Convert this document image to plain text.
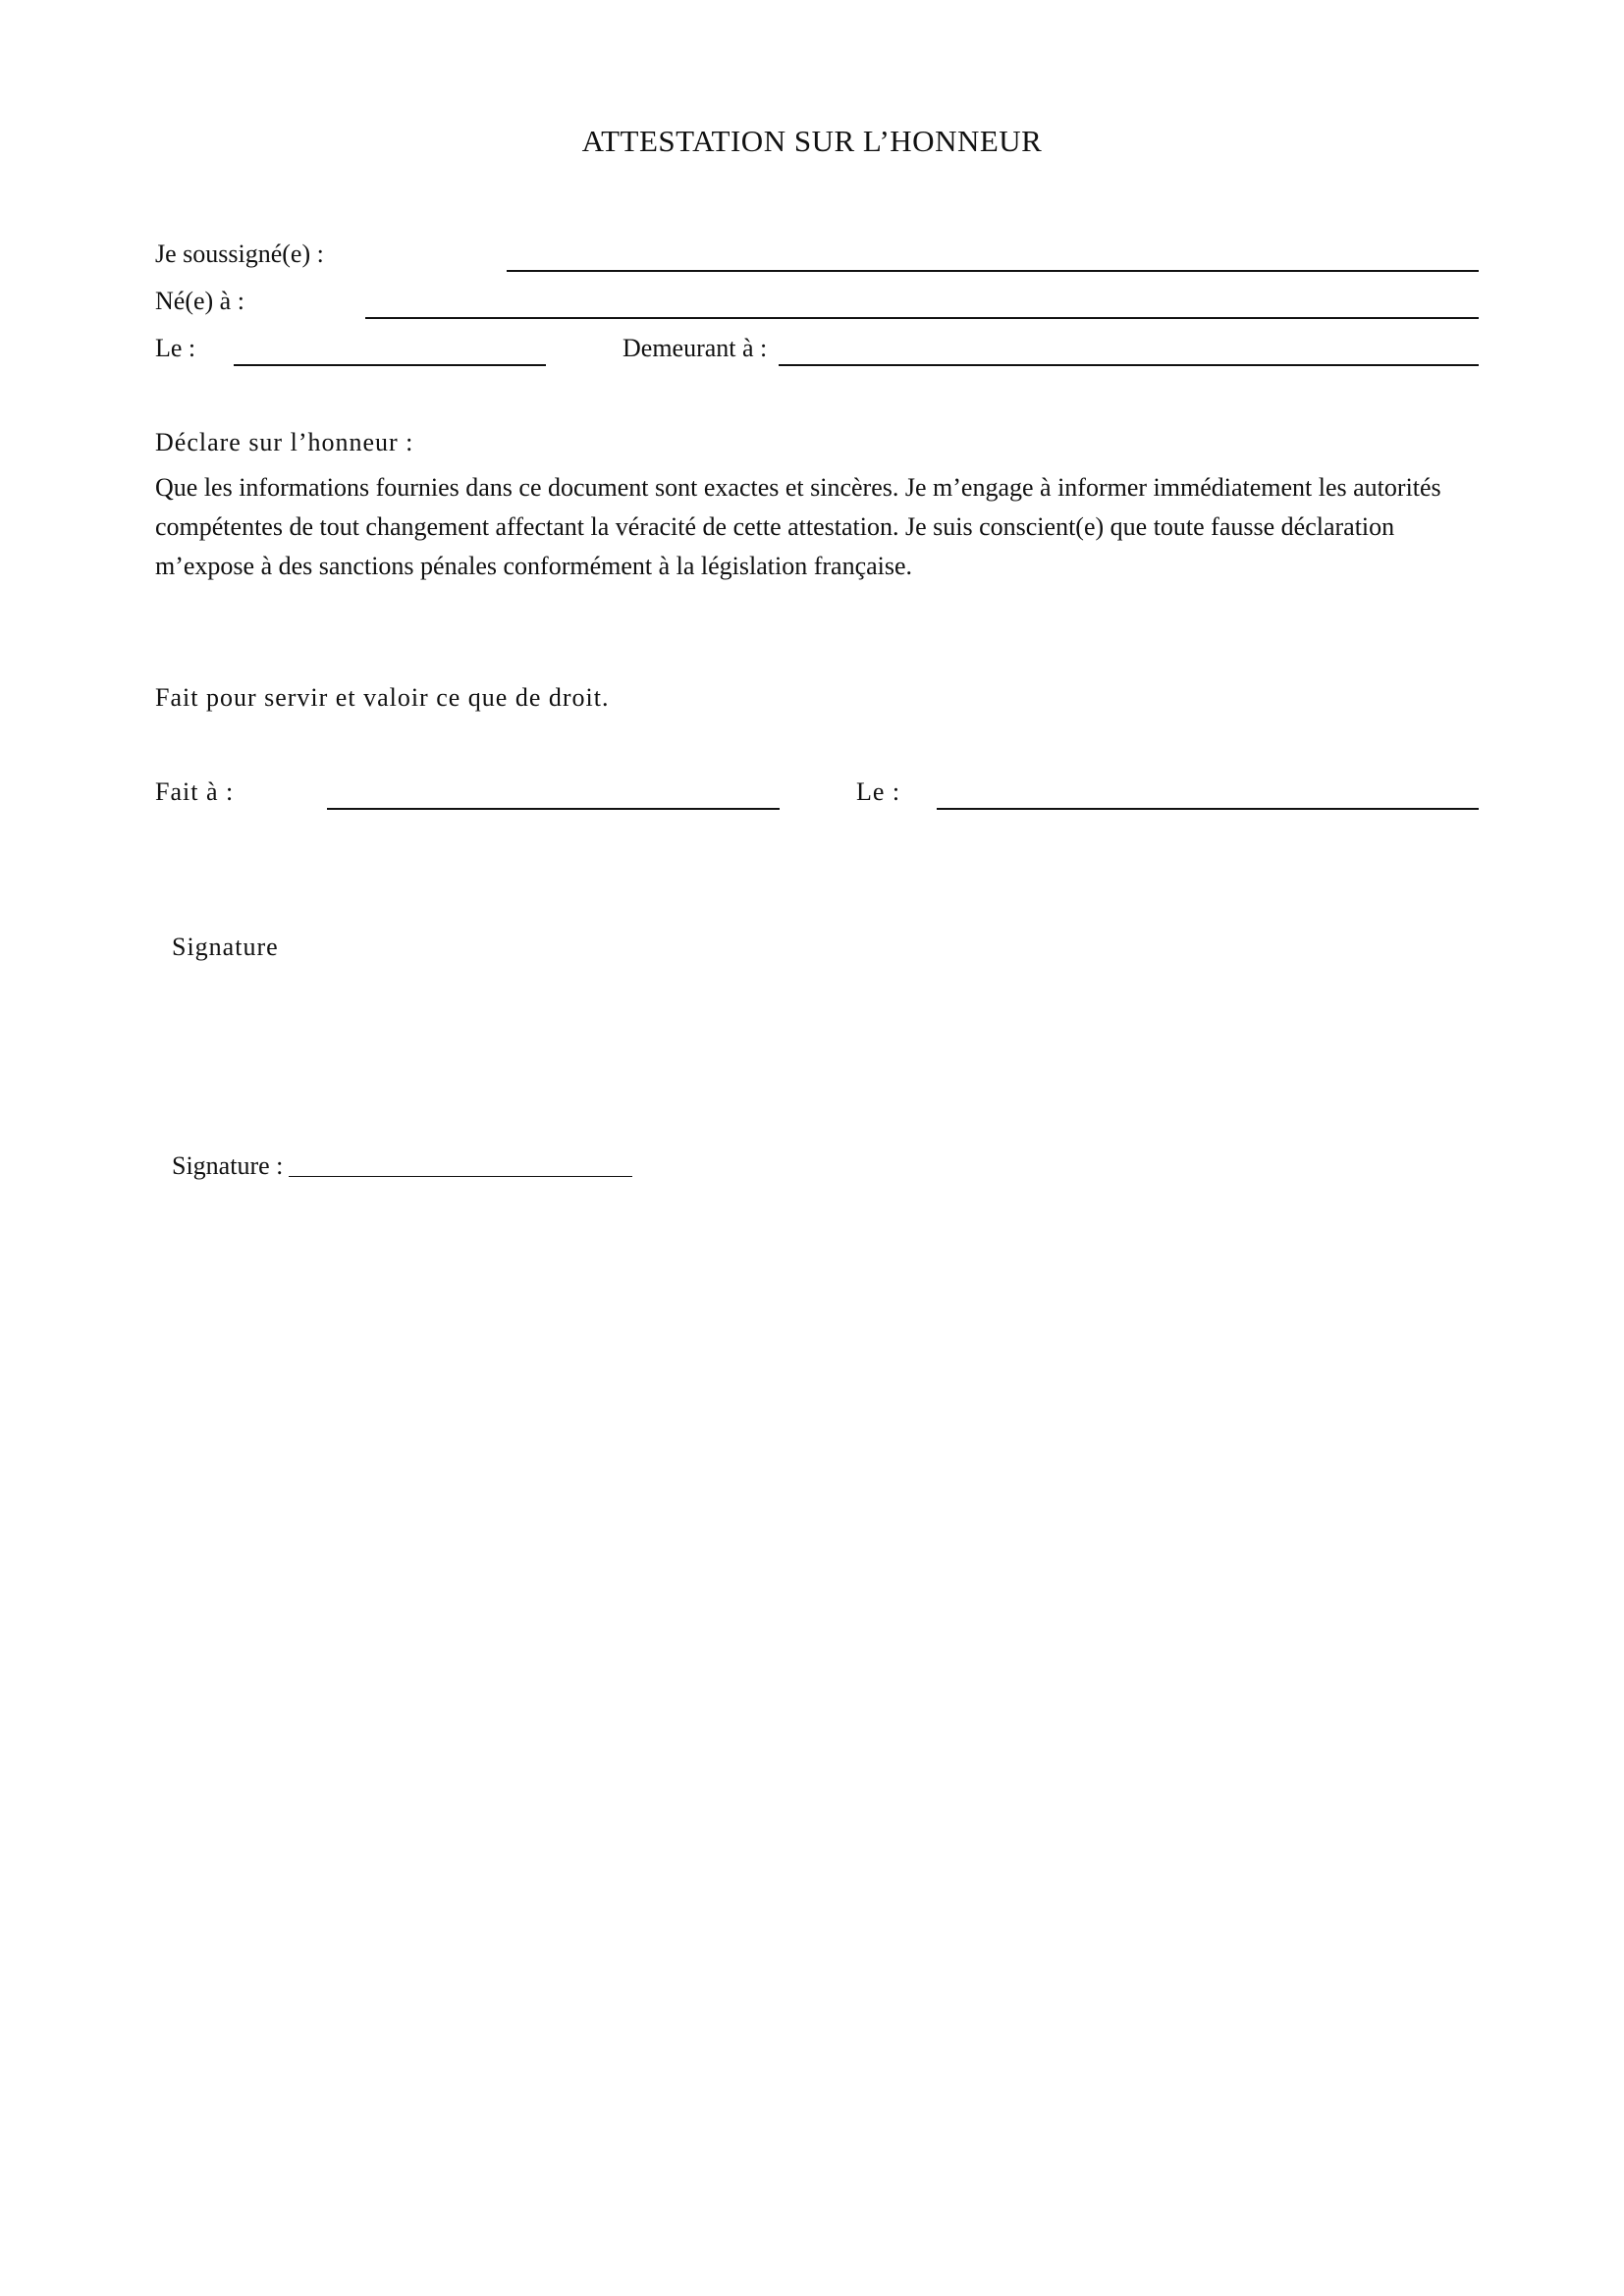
ATTESTATION SUR L’HONNEUR
Je soussigné(e) :
Né(e) à :
Le :	Demeurant à :
Déclare sur l’honneur :
Que les informations fournies dans ce document sont exactes et sincères. Je m’engage à informer immédiatement les autorités compétentes de tout changement affectant la véracité de cette attestation. Je suis conscient(e) que toute fausse déclaration m’expose à des sanctions pénales conformément à la législation française.
Fait pour servir et valoir ce que de droit.
Fait à :	Le :
Signature
Signature :
